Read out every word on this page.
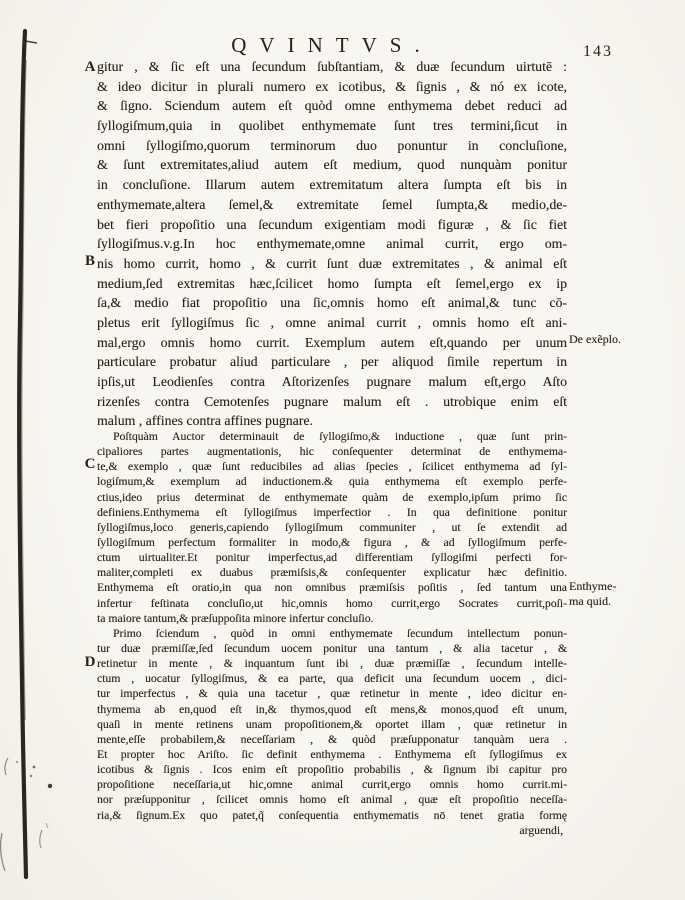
QVINTVS.	143
A
B
C
D
gitur , & ſic eſt una ſecundum ſubſtantiam, & duæ ſecundum uirtutē :
& ideo dicitur in plurali numero ex icotibus, & ſignis , & nó ex icote,
& ſigno. Sciendum autem eſt quòd omne enthymema debet reduci ad
ſyllogiſmum,quia in quolibet enthymemate ſunt tres termini,ſicut in
omni ſyllogiſmo,quorum terminorum duo ponuntur in concluſione,
& ſunt extremitates,aliud autem eſt medium, quod nunquàm ponitur
in concluſione. Illarum autem extremitatum altera ſumpta eſt bis in
enthymemate,altera ſemel,& extremitate ſemel ſumpta,& medio,de-
bet fieri propoſitio una ſecundum exigentiam modi figuræ , & ſic fiet
ſyllogiſmus.v.g.In hoc enthymemate,omne animal currit, ergo om-
nis homo currit, homo , & currit ſunt duæ extremitates , & animal eſt
medium,ſed extremitas hæc,ſcilicet homo ſumpta eſt ſemel,ergo ex ip
ſa,& medio fiat propoſitio una ſic,omnis homo eſt animal,& tunc cō-
pletus erit ſyllogiſmus ſic , omne animal currit , omnis homo eſt ani-
mal,ergo omnis homo currit. Exemplum autem eſt,quando per unum
particulare probatur aliud particulare , per aliquod ſimile repertum in
ipſis,ut Leodienſes contra Aſtorizenſes pugnare malum eſt,ergo Aſto
rizenſes contra Cemotenſes pugnare malum eſt . utrobique enim eſt
malum , affines contra affines pugnare.
Poſtquàm Auctor determinauit de ſyllogiſmo,& inductione , quæ ſunt prin-
cipaliores partes augmentationis, hic conſequenter determinat de enthymema-
te,& exemplo , quæ ſunt reducibiles ad alias ſpecies , ſcilicet enthymema ad ſyl-
logiſmum,& exemplum ad inductionem.& quia enthymema eſt exemplo perfe-
ctius,ideo prius determinat de enthymemate quàm de exemplo,ipſum primo ſic
definiens.Enthymema eſt ſyllogiſmus imperfectior . In qua definitione ponitur
ſyllogiſmus,loco generis,capiendo ſyllogiſmum communiter , ut ſe extendit ad
ſyllogiſmum perfectum formaliter in modo,& figura , & ad ſyllogiſmum perfe-
ctum uirtualiter.Et ponitur imperfectus,ad differentiam ſyllogiſmi perfecti for-
maliter,completi ex duabus præmiſsis,& conſequenter explicatur hæc definitio.
Enthymema eſt oratio,in qua non omnibus præmiſsis poſitis , ſed tantum una
infertur feſtinata concluſio,ut hic,omnis homo currit,ergo Socrates currit,poſi-
ta maiore tantum,& præſuppoſita minore infertur concluſio.
Primo ſciendum , quòd in omni enthymemate ſecundum intellectum ponun-
tur duæ præmiſſæ,ſed ſecundum uocem ponitur una tantum , & alia tacetur , &
retinetur in mente , & inquantum ſunt ibi , duæ præmiſſæ , ſecundum intelle-
ctum , uocatur ſyllogiſmus, & ea parte, qua deficit una ſecundum uocem , dici-
tur imperfectus , & quia una tacetur , quæ retinetur in mente , ideo dicitur en-
thymema ab en,quod eſt in,& thymos,quod eſt mens,& monos,quod eſt unum,
quaſi in mente retinens unam propoſitionem,& oportet illam , quæ retinetur in
mente,eſſe probabilem,& neceſſariam , & quòd præſupponatur tanquàm uera .
Et propter hoc Ariſto. ſic definit enthymema . Enthymema eſt ſyllogiſmus ex
icotibus & ſignis . Icos enim eſt propoſitio probabilis , & ſignum ibi capitur pro
propoſitione neceſſaria,ut hic,omne animal currit,ergo omnis homo currit.mi-
nor præſupponitur , ſcilicet omnis homo eſt animal , quæ eſt propoſitio neceſſa-
ria,& ſignum.Ex quo patet,q̃ conſequentia enthymematis nō tenet gratia formę
arguendi,
De exẽplo.
Enthyme-
ma quid.
